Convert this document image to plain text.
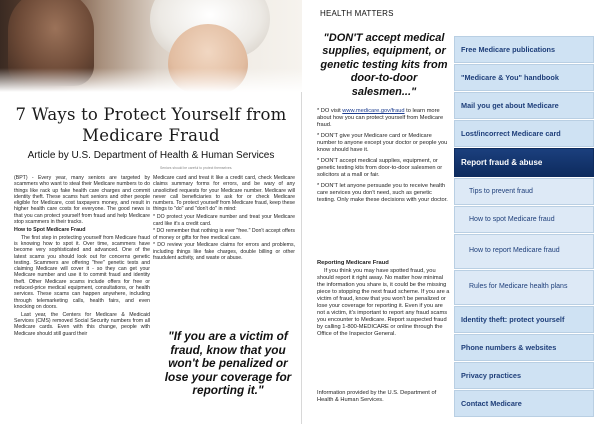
7 Ways to Protect Yourself from Medicare Fraud
Article by U.S. Department of Health & Human Services
Seniors should be careful to protect themselves.

(BPT) - Every year, many seniors are targeted by scammers who want to steal their Medicare numbers to do things like rack up fake health care charges and commit identity theft. These scams hurt seniors and other people eligible for Medicare, cost taxpayers money, and result in higher health care costs for everyone. The good news is that you can protect yourself from fraud and help Medicare stop scammers in their tracks.

How to Spot Medicare Fraud

The first step in protecting yourself from Medicare fraud is knowing how to spot it. Over time, scammers have become very sophisticated and advanced. One of the latest scams you should look out for concerns genetic testing. Scammers are offering "free" genetic tests and claiming Medicare will cover it - so they can get your Medicare number and use it to commit fraud and identity theft. Other Medicare scams include offers for free or reduced-price medical equipment, consultations, or health services. These scams can happen anywhere, including through telemarketing calls, health fairs, and even knocking on doors.

Last year, the Centers for Medicare & Medicaid Services (CMS) removed Social Security numbers from all Medicare cards. Even with this change, people with Medicare should still guard their

Medicare card and treat it like a credit card, check Medicare claims summary forms for errors, and be wary of any unsolicited requests for your Medicare number. Medicare will never call beneficiaries to ask for or check Medicare numbers. To protect yourself from Medicare fraud, keep these things to "do" and "don't do" in mind:

* DO protect your Medicare number and treat your Medicare card like it's a credit card.

* DO remember that nothing is ever "free." Don't accept offers of money or gifts for free medical care.

* DO review your Medicare claims for errors and problems, including things like fake charges, double billing or other fraudulent activity, and waste or abuse.

"If you are a victim of fraud, know that you won't be penalized or lose your coverage for reporting it."
HEALTH MATTERS
"DON'T accept medical supplies, equipment, or genetic testing kits from door-to-door salesmen..."

* DO visit www.medicare.gov/fraud to learn more about how you can protect yourself from Medicare fraud.

* DON'T give your Medicare card or Medicare number to anyone except your doctor or people you know should have it.

* DON'T accept medical supplies, equipment, or genetic testing kits from door-to-door salesmen or solicitors at a mall or fair.

* DON'T let anyone persuade you to receive health care services you don't need, such as genetic testing. Only make these decisions with your doctor.

Reporting Medicare Fraud

If you think you may have spotted fraud, you should report it right away. No matter how minimal the information you share is, it could be the missing piece to stopping the next fraud scheme. If you are a victim of fraud, know that you won't be penalized or lose your coverage for reporting it. Even if you are not a victim, it's important to report any fraud scams you encounter to Medicare. Report suspected fraud by calling 1-800-MEDICARE or online through the Office of the Inspector General.

Information provided by the U.S. Department of Health & Human Services.

Free Medicare publications
"Medicare & You" handbook
Mail you get about Medicare
Lost/incorrect Medicare card
Report fraud & abuse
Tips to prevent fraud
How to spot Medicare fraud
How to report Medicare fraud
Rules for Medicare health plans
Identity theft: protect yourself
Phone numbers & websites
Privacy practices
Contact Medicare
